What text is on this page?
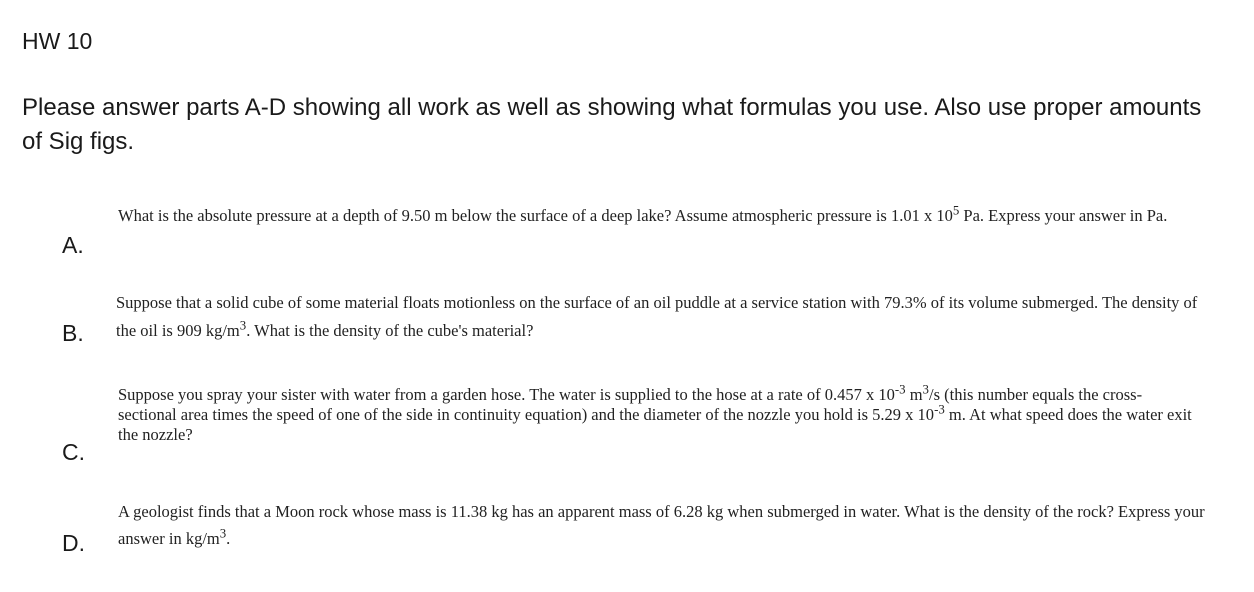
HW 10
Please answer parts A-D showing all work as well as showing what formulas you use. Also use proper amounts of Sig figs.
A.
What is the absolute pressure at a depth of 9.50 m below the surface of a deep lake? Assume atmospheric pressure is 1.01 x $10^5$ Pa. Express your answer in Pa.
B.
Suppose that a solid cube of some material floats motionless on the surface of an oil puddle at a service station with 79.3% of its volume submerged. The density of the oil is 909 $kg/m^3$. What is the density of the cube's material?
C.
Suppose you spray your sister with water from a garden hose. The water is supplied to the hose at a rate of 0.457 x $10^{-3}$ $m^3/s$ (this number equals the cross-sectional area times the speed of one of the side in continuity equation) and the diameter of the nozzle you hold is 5.29 x $10^{-3}$ m. At what speed does the water exit the nozzle?
D.
A geologist finds that a Moon rock whose mass is 11.38 kg has an apparent mass of 6.28 kg when submerged in water. What is the density of the rock? Express your answer in $kg/m^3$.
